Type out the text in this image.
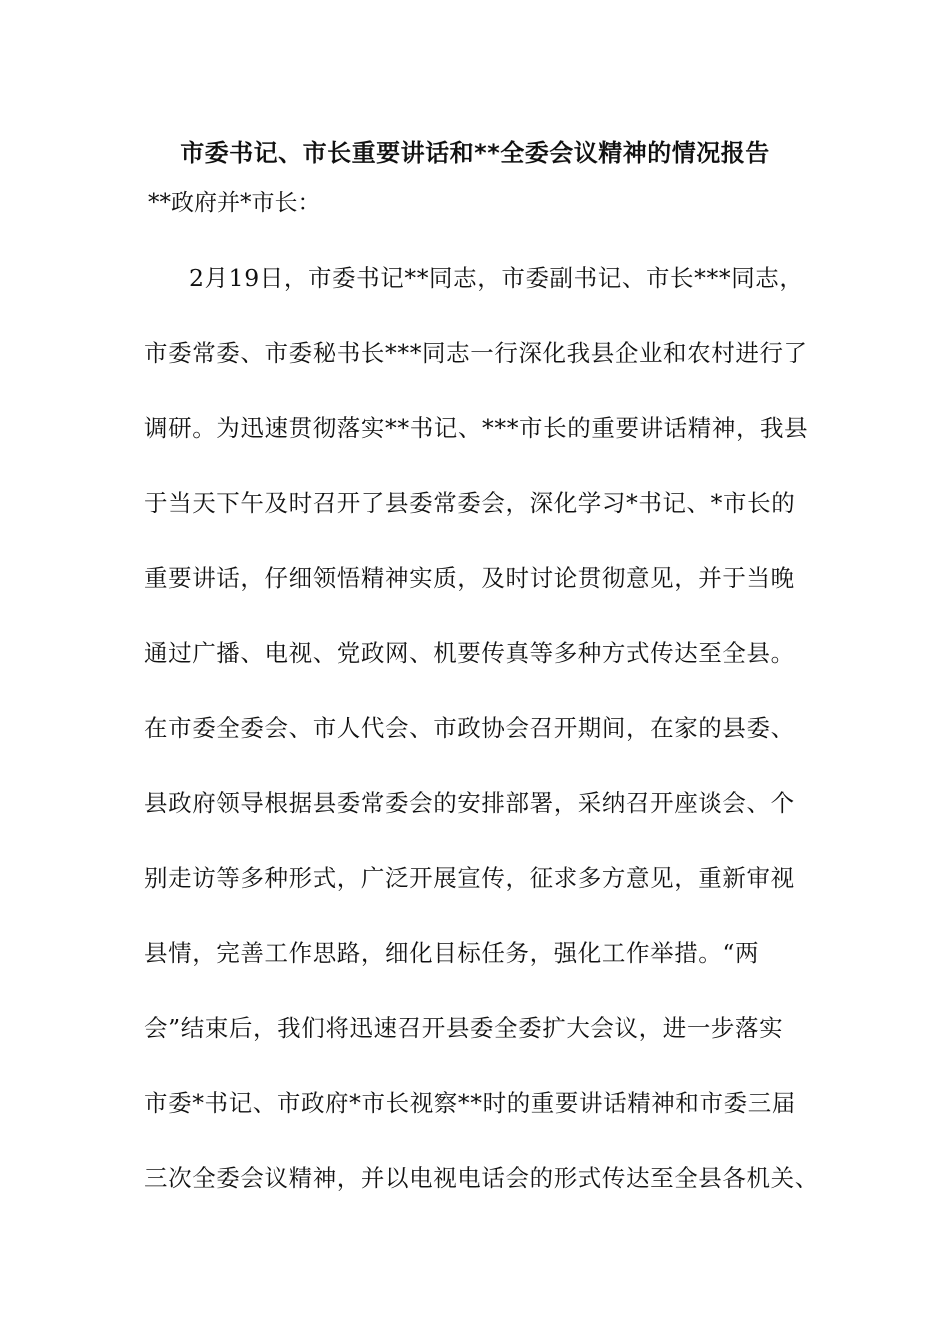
市委书记、市长重要讲话和**全委会议精神的情况报告
**政府并*市长：
2月19日，市委书记**同志，市委副书记、市长***同志，
市委常委、市委秘书长***同志一行深化我县企业和农村进行了
调研。为迅速贯彻落实**书记、***市长的重要讲话精神，我县
于当天下午及时召开了县委常委会，深化学习*书记、*市长的
重要讲话，仔细领悟精神实质，及时讨论贯彻意见，并于当晚
通过广播、电视、党政网、机要传真等多种方式传达至全县。
在市委全委会、市人代会、市政协会召开期间，在家的县委、
县政府领导根据县委常委会的安排部署，采纳召开座谈会、个
别走访等多种形式，广泛开展宣传，征求多方意见，重新审视
县情，完善工作思路，细化目标任务，强化工作举措。“两
会”结束后，我们将迅速召开县委全委扩大会议，进一步落实
市委*书记、市政府*市长视察**时的重要讲话精神和市委三届
三次全委会议精神，并以电视电话会的形式传达至全县各机关、
